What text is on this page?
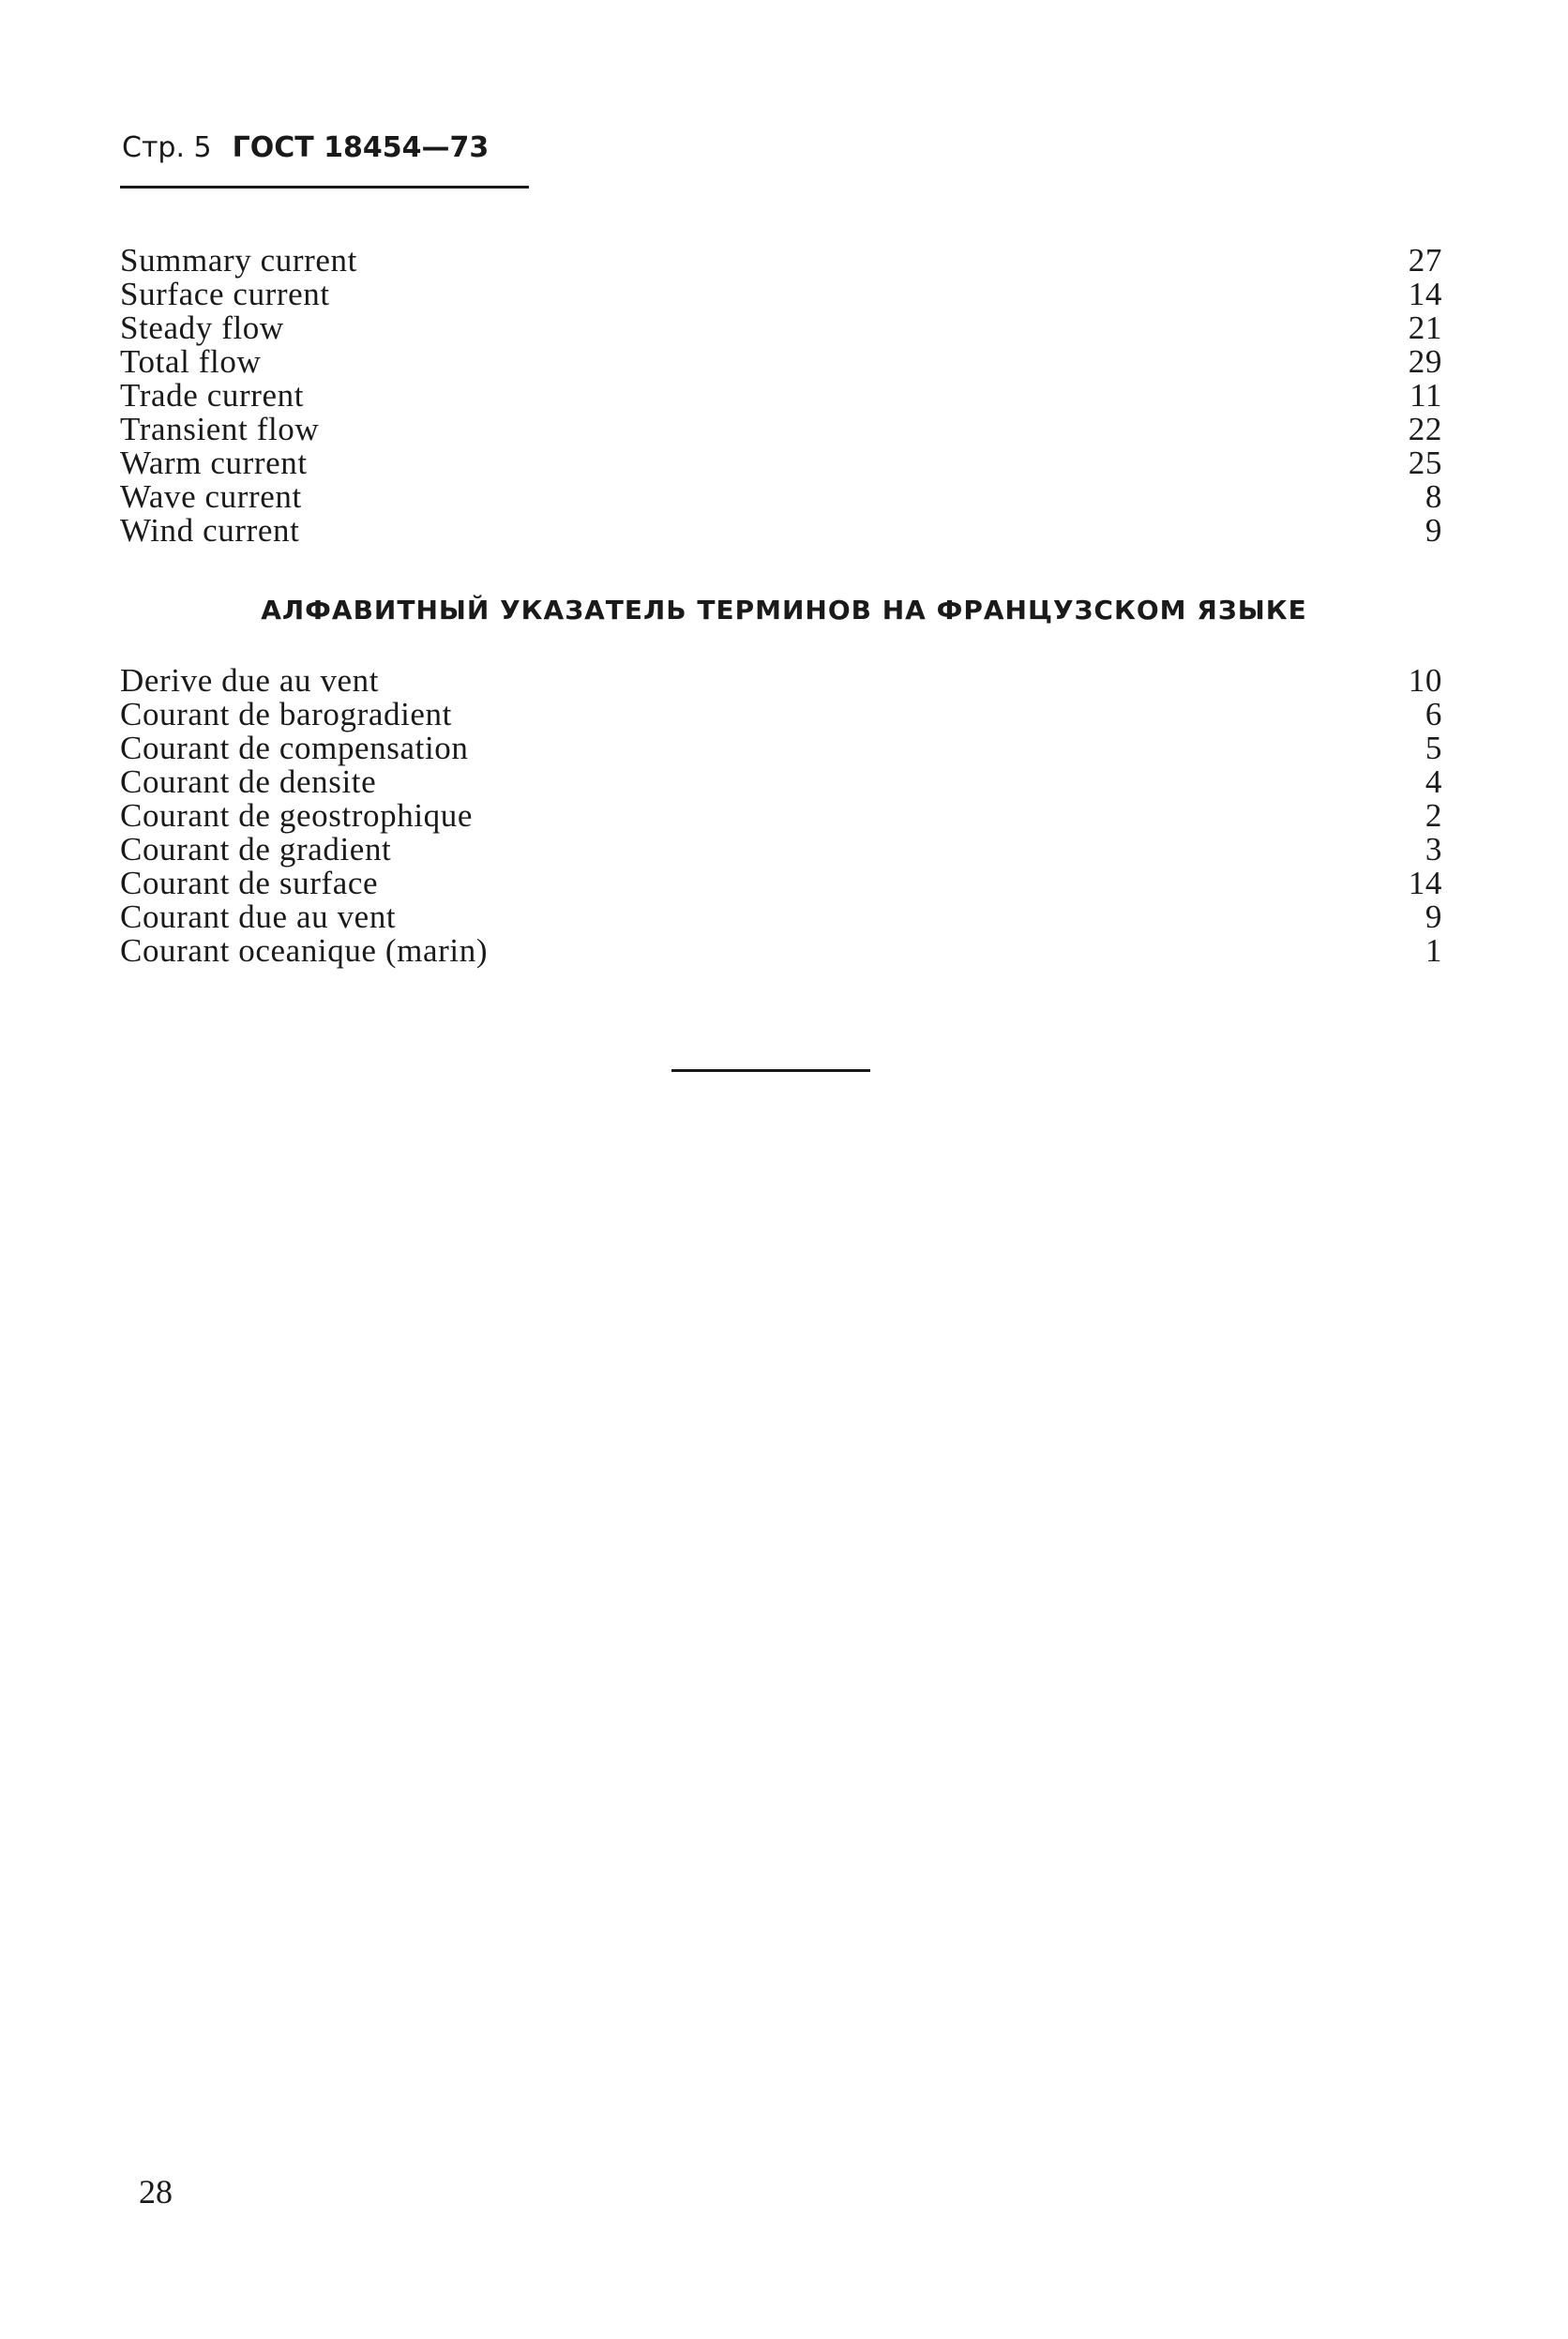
Стр. 5 ГОСТ 18454—73
Summary current	27
Surface current	14
Steady flow	21
Total flow	29
Trade current	11
Transient flow	22
Warm current	25
Wave current	8
Wind current	9
АЛФАВИТНЫЙ УКАЗАТЕЛЬ ТЕРМИНОВ НА ФРАНЦУЗСКОМ ЯЗЫКЕ
Derive due au vent	10
Courant de barogradient	6
Courant de compensation	5
Courant de densite	4
Courant de geostrophique	2
Courant de gradient	3
Courant de surface	14
Courant due au vent	9
Courant oceanique (marin)	1
28
